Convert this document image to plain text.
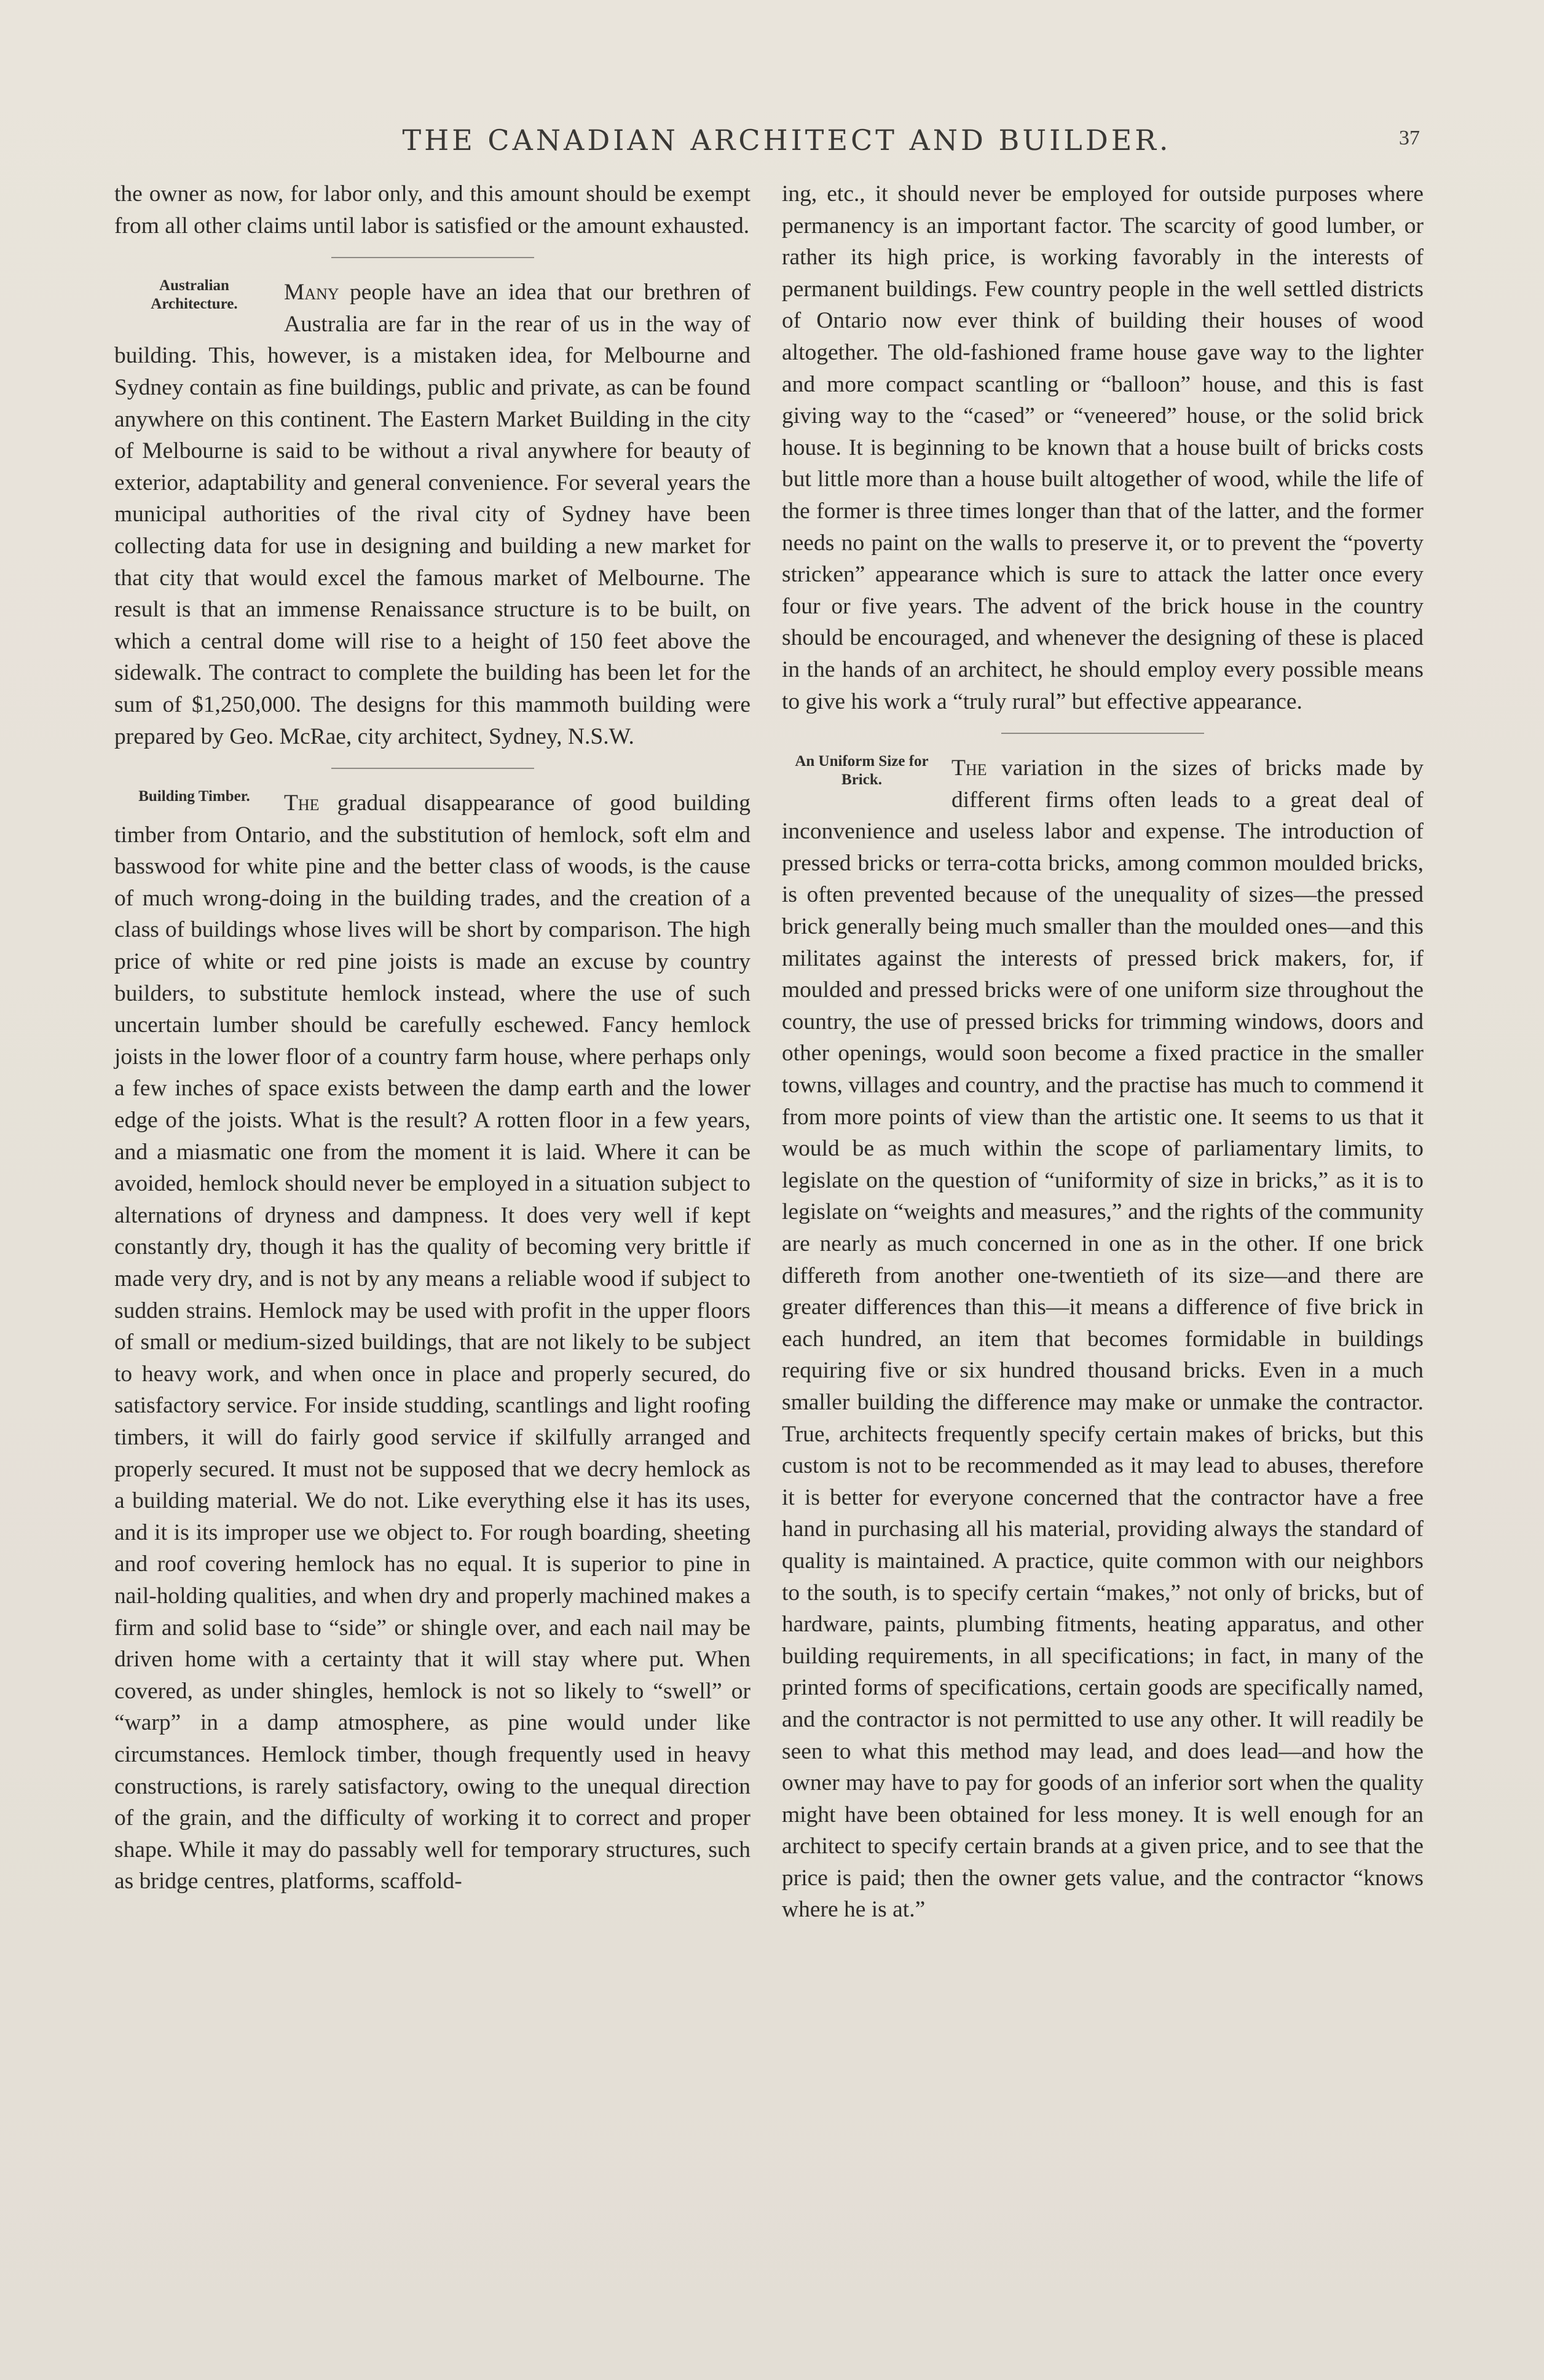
THE CANADIAN ARCHITECT AND BUILDER.	37

the owner as now, for labor only, and this amount should be exempt from all other claims until labor is satisfied or the amount exhausted.

Australian Architecture.	Many people have an idea that our brethren of Australia are far in the rear of us in the way of building. This, however, is a mistaken idea, for Melbourne and Sydney contain as fine buildings, public and private, as can be found anywhere on this continent. The Eastern Market Building in the city of Melbourne is said to be without a rival anywhere for beauty of exterior, adaptability and general convenience. For several years the municipal authorities of the rival city of Sydney have been collecting data for use in designing and building a new market for that city that would excel the famous market of Melbourne. The result is that an immense Renaissance structure is to be built, on which a central dome will rise to a height of 150 feet above the sidewalk. The contract to complete the building has been let for the sum of $1,250,000. The designs for this mammoth building were prepared by Geo. McRae, city architect, Sydney, N.S.W.

Building Timber.	The gradual disappearance of good building timber from Ontario, and the substitution of hemlock, soft elm and basswood for white pine and the better class of woods, is the cause of much wrong-doing in the building trades, and the creation of a class of buildings whose lives will be short by comparison. The high price of white or red pine joists is made an excuse by country builders, to substitute hemlock instead, where the use of such uncertain lumber should be carefully eschewed. Fancy hemlock joists in the lower floor of a country farm house, where perhaps only a few inches of space exists between the damp earth and the lower edge of the joists. What is the result? A rotten floor in a few years, and a miasmatic one from the moment it is laid. Where it can be avoided, hemlock should never be employed in a situation subject to alternations of dryness and dampness. It does very well if kept constantly dry, though it has the quality of becoming very brittle if made very dry, and is not by any means a reliable wood if subject to sudden strains. Hemlock may be used with profit in the upper floors of small or medium-sized buildings, that are not likely to be subject to heavy work, and when once in place and properly secured, do satisfactory service. For inside studding, scantlings and light roofing timbers, it will do fairly good service if skilfully arranged and properly secured. It must not be supposed that we decry hemlock as a building material. We do not. Like everything else it has its uses, and it is its improper use we object to. For rough boarding, sheeting and roof covering hemlock has no equal. It is superior to pine in nail-holding qualities, and when dry and properly machined makes a firm and solid base to “side” or shingle over, and each nail may be driven home with a certainty that it will stay where put. When covered, as under shingles, hemlock is not so likely to “swell” or “warp” in a damp atmosphere, as pine would under like circumstances. Hemlock timber, though frequently used in heavy constructions, is rarely satisfactory, owing to the unequal direction of the grain, and the difficulty of working it to correct and proper shape. While it may do passably well for temporary structures, such as bridge centres, platforms, scaffold-

ing, etc., it should never be employed for outside purposes where permanency is an important factor. The scarcity of good lumber, or rather its high price, is working favorably in the interests of permanent buildings. Few country people in the well settled districts of Ontario now ever think of building their houses of wood altogether. The old-fashioned frame house gave way to the lighter and more compact scantling or “balloon” house, and this is fast giving way to the “cased” or “veneered” house, or the solid brick house. It is beginning to be known that a house built of bricks costs but little more than a house built altogether of wood, while the life of the former is three times longer than that of the latter, and the former needs no paint on the walls to preserve it, or to prevent the “poverty stricken” appearance which is sure to attack the latter once every four or five years. The advent of the brick house in the country should be encouraged, and whenever the designing of these is placed in the hands of an architect, he should employ every possible means to give his work a “truly rural” but effective appearance.

An Uniform Size for Brick.	The variation in the sizes of bricks made by different firms often leads to a great deal of inconvenience and useless labor and expense. The introduction of pressed bricks or terra-cotta bricks, among common moulded bricks, is often prevented because of the unequality of sizes—the pressed brick generally being much smaller than the moulded ones—and this militates against the interests of pressed brick makers, for, if moulded and pressed bricks were of one uniform size throughout the country, the use of pressed bricks for trimming windows, doors and other openings, would soon become a fixed practice in the smaller towns, villages and country, and the practise has much to commend it from more points of view than the artistic one. It seems to us that it would be as much within the scope of parliamentary limits, to legislate on the question of “uniformity of size in bricks,” as it is to legislate on “weights and measures,” and the rights of the community are nearly as much concerned in one as in the other. If one brick differeth from another one-twentieth of its size—and there are greater differences than this—it means a difference of five brick in each hundred, an item that becomes formidable in buildings requiring five or six hundred thousand bricks. Even in a much smaller building the difference may make or unmake the contractor. True, architects frequently specify certain makes of bricks, but this custom is not to be recommended as it may lead to abuses, therefore it is better for everyone concerned that the contractor have a free hand in purchasing all his material, providing always the standard of quality is maintained. A practice, quite common with our neighbors to the south, is to specify certain “makes,” not only of bricks, but of hardware, paints, plumbing fitments, heating apparatus, and other building requirements, in all specifications; in fact, in many of the printed forms of specifications, certain goods are specifically named, and the contractor is not permitted to use any other. It will readily be seen to what this method may lead, and does lead—and how the owner may have to pay for goods of an inferior sort when the quality might have been obtained for less money. It is well enough for an architect to specify certain brands at a given price, and to see that the price is paid; then the owner gets value, and the contractor “knows where he is at.”
